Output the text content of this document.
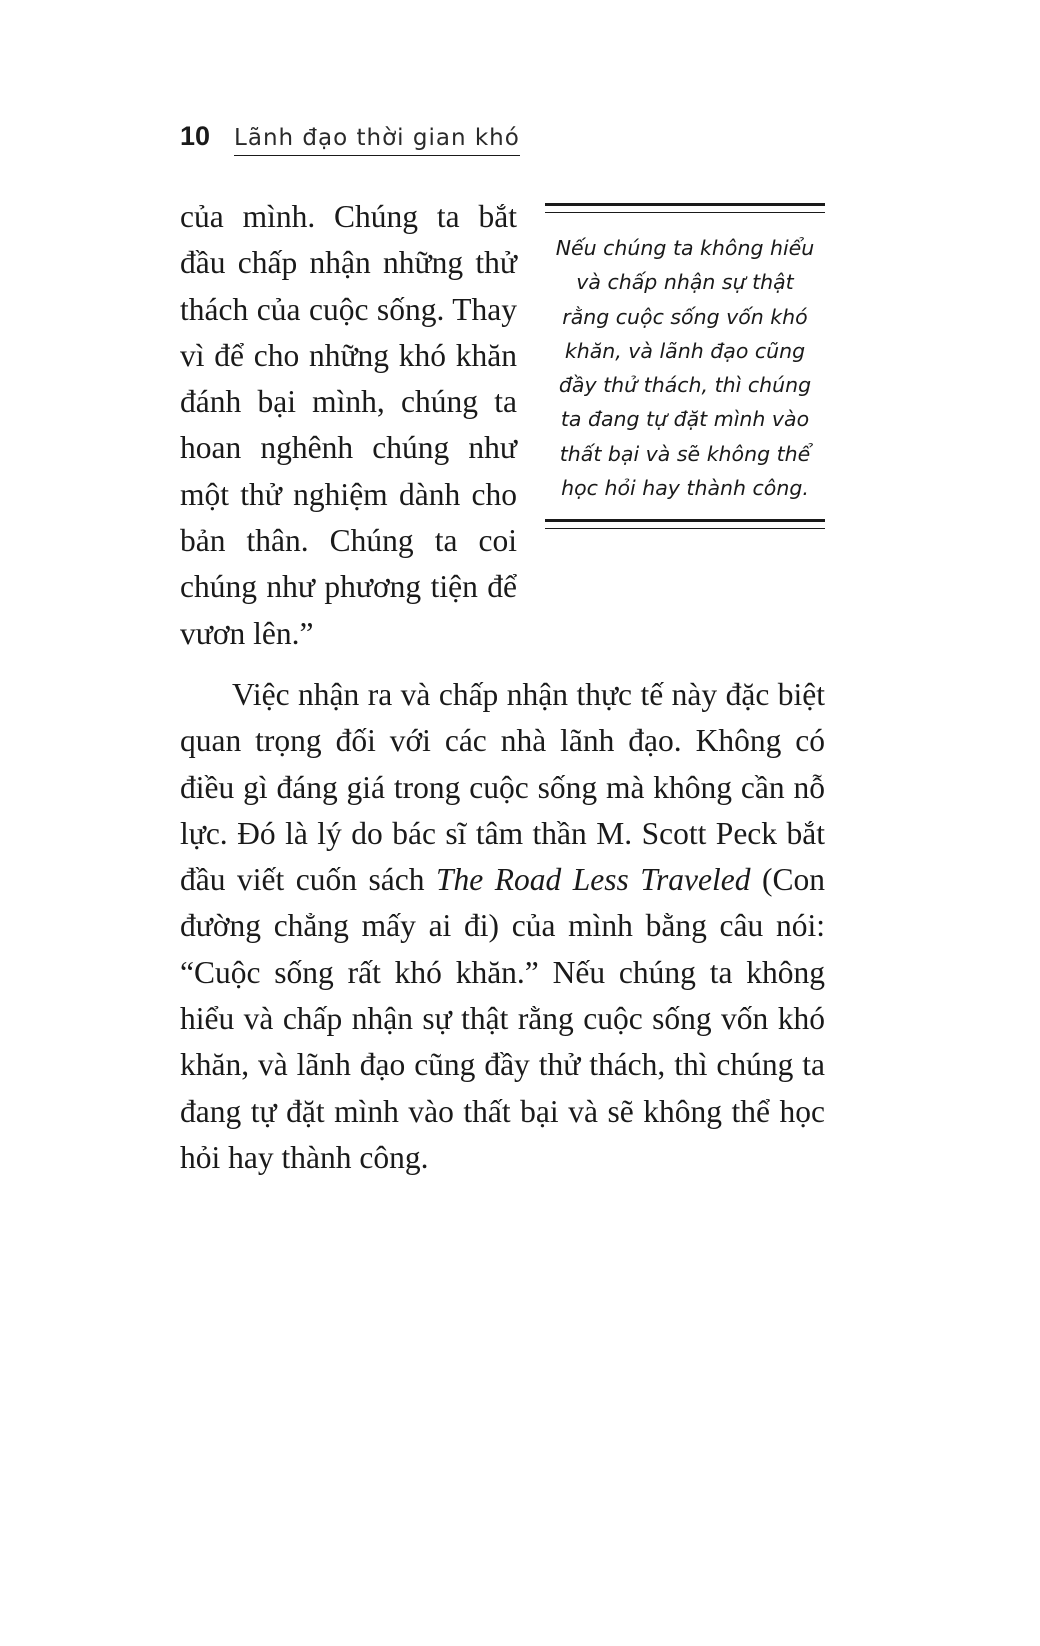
10 Lãnh đạo thời gian khó

của mình. Chúng ta bắt đầu chấp nhận những thử thách của cuộc sống. Thay vì để cho những khó khăn đánh bại mình, chúng ta hoan nghênh chúng như một thử nghiệm dành cho bản thân. Chúng ta coi chúng như phương tiện để vươn lên.”

Nếu chúng ta không hiểu và chấp nhận sự thật rằng cuộc sống vốn khó khăn, và lãnh đạo cũng đầy thử thách, thì chúng ta đang tự đặt mình vào thất bại và sẽ không thể học hỏi hay thành công.

Việc nhận ra và chấp nhận thực tế này đặc biệt quan trọng đối với các nhà lãnh đạo. Không có điều gì đáng giá trong cuộc sống mà không cần nỗ lực. Đó là lý do bác sĩ tâm thần M. Scott Peck bắt đầu viết cuốn sách The Road Less Traveled (Con đường chẳng mấy ai đi) của mình bằng câu nói: “Cuộc sống rất khó khăn.” Nếu chúng ta không hiểu và chấp nhận sự thật rằng cuộc sống vốn khó khăn, và lãnh đạo cũng đầy thử thách, thì chúng ta đang tự đặt mình vào thất bại và sẽ không thể học hỏi hay thành công.
